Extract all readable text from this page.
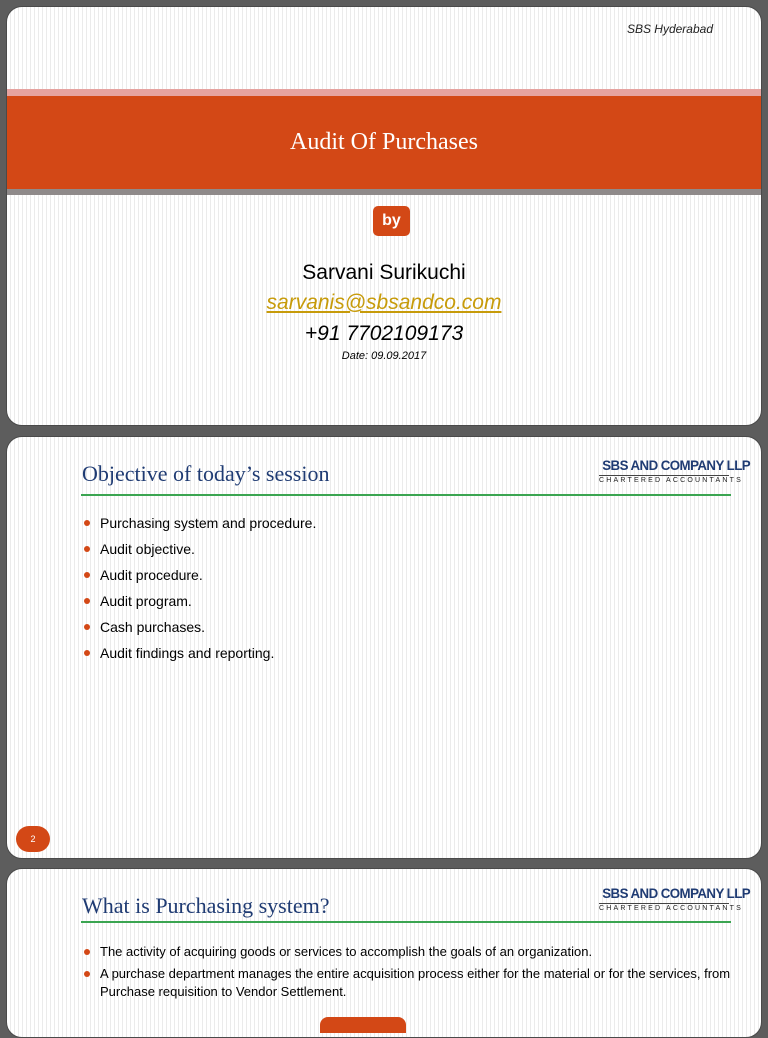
SBS Hyderabad
Audit Of Purchases
by
Sarvani Surikuchi
sarvanis@sbsandco.com
+91 7702109173
Date: 09.09.2017
Objective of today’s session	SBS AND COMPANY LLP
CHARTERED ACCOUNTANTS
Purchasing system and procedure.
Audit objective.
Audit procedure.
Audit program.
Cash purchases.
Audit findings and reporting.
2
What is Purchasing system?	SBS AND COMPANY LLP
CHARTERED ACCOUNTANTS
The activity of acquiring goods or services to accomplish the goals of an organization.
A purchase department manages the entire acquisition process either for the material or for the services, from Purchase requisition to Vendor Settlement.
